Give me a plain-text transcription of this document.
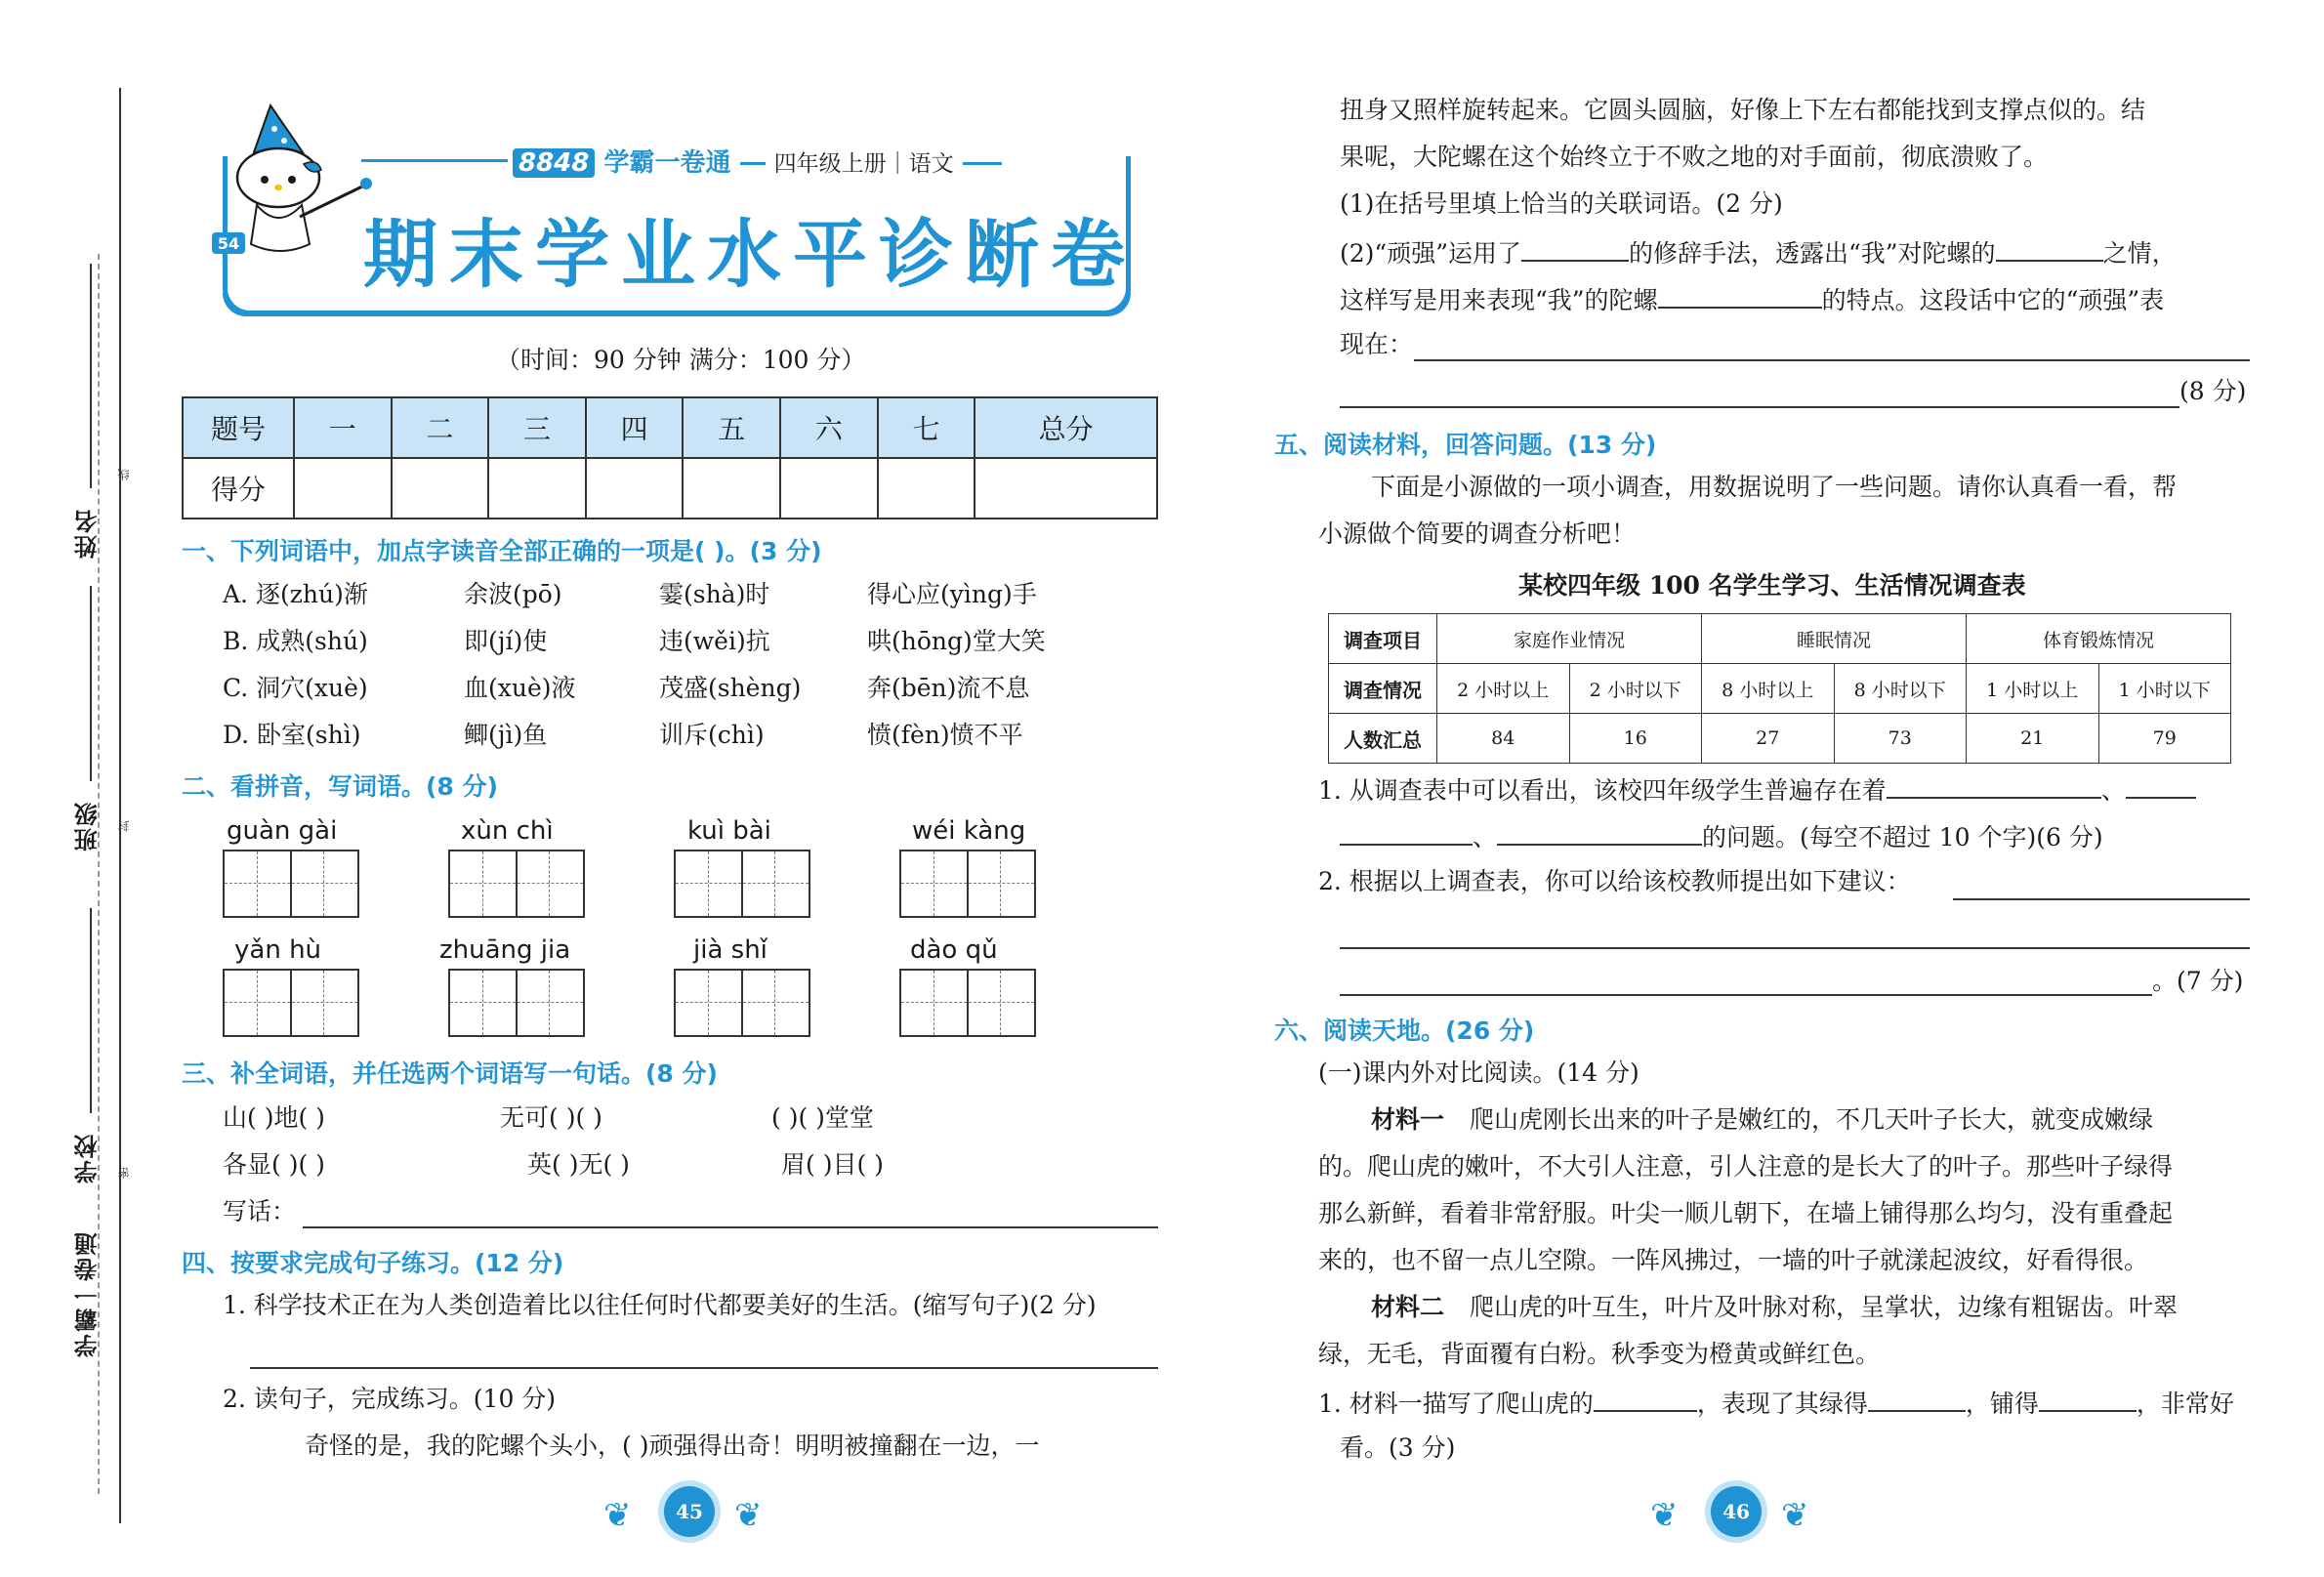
姓名
班级
学校
学霸一卷通
线
封
密
8848 学霸一卷通 四年级上册｜语文
期末学业水平诊断卷
54
（时间：90 分钟 满分：100 分）
题号	一	二	三	四	五	六	七	总分
得分								
一、下列词语中，加点字读音全部正确的一项是( )。(3 分)
A. 逐(zhú)渐	余波(pō)	霎(shà)时	得心应(yìng)手
B. 成熟(shú)	即(jí)使	违(wěi)抗	哄(hōng)堂大笑
C. 洞穴(xuè)	血(xuè)液	茂盛(shèng)	奔(bēn)流不息
D. 卧室(shì)	鲫(jì)鱼	训斥(chì)	愤(fèn)愤不平
二、看拼音，写词语。(8 分)
guàn gài	xùn chì	kuì bài	wéi kàng
yǎn hù	zhuāng jia	jià shǐ	dào qǔ
三、补全词语，并任选两个词语写一句话。(8 分)
山( )地( )	无可( )( )	( )( )堂堂
各显( )( )	英( )无( )	眉( )目( )
写话：
四、按要求完成句子练习。(12 分)
1. 科学技术正在为人类创造着比以往任何时代都要美好的生活。(缩写句子)(2 分)
2. 读句子，完成练习。(10 分)
奇怪的是，我的陀螺个头小，( )顽强得出奇！明明被撞翻在一边，一
❦	45 ❦
扭身又照样旋转起来。它圆头圆脑，好像上下左右都能找到支撑点似的。结
果呢，大陀螺在这个始终立于不败之地的对手面前，彻底溃败了。
(1)在括号里填上恰当的关联词语。(2 分)
(2)“顽强”运用了	的修辞手法，透露出“我”对陀螺的	之情，
这样写是用来表现“我”的陀螺	的特点。这段话中它的“顽强”表
现在：
(8 分)
五、阅读材料，回答问题。(13 分)
下面是小源做的一项小调查，用数据说明了一些问题。请你认真看一看，帮
小源做个简要的调查分析吧！
某校四年级 100 名学生学习、生活情况调查表
调查项目	家庭作业情况		睡眠情况		体育锻炼情况	
调查情况	2 小时以上	2 小时以下	8 小时以上	8 小时以下	1 小时以上	1 小时以下
人数汇总	84	16	27	73	21	79
1. 从调查表中可以看出，该校四年级学生普遍存在着	、
、	的问题。(每空不超过 10 个字)(6 分)
2. 根据以上调查表，你可以给该校教师提出如下建议：
。(7 分)
六、阅读天地。(26 分)
(一)课内外对比阅读。(14 分)
材料一 爬山虎刚长出来的叶子是嫩红的，不几天叶子长大，就变成嫩绿
的。爬山虎的嫩叶，不大引人注意，引人注意的是长大了的叶子。那些叶子绿得
那么新鲜，看着非常舒服。叶尖一顺儿朝下，在墙上铺得那么均匀，没有重叠起
来的，也不留一点儿空隙。一阵风拂过，一墙的叶子就漾起波纹，好看得很。
材料二 爬山虎的叶互生，叶片及叶脉对称，呈掌状，边缘有粗锯齿。叶翠
绿，无毛，背面覆有白粉。秋季变为橙黄或鲜红色。
1. 材料一描写了爬山虎的	，表现了其绿得	，铺得	，非常好
看。(3 分)
❦	46 ❦
